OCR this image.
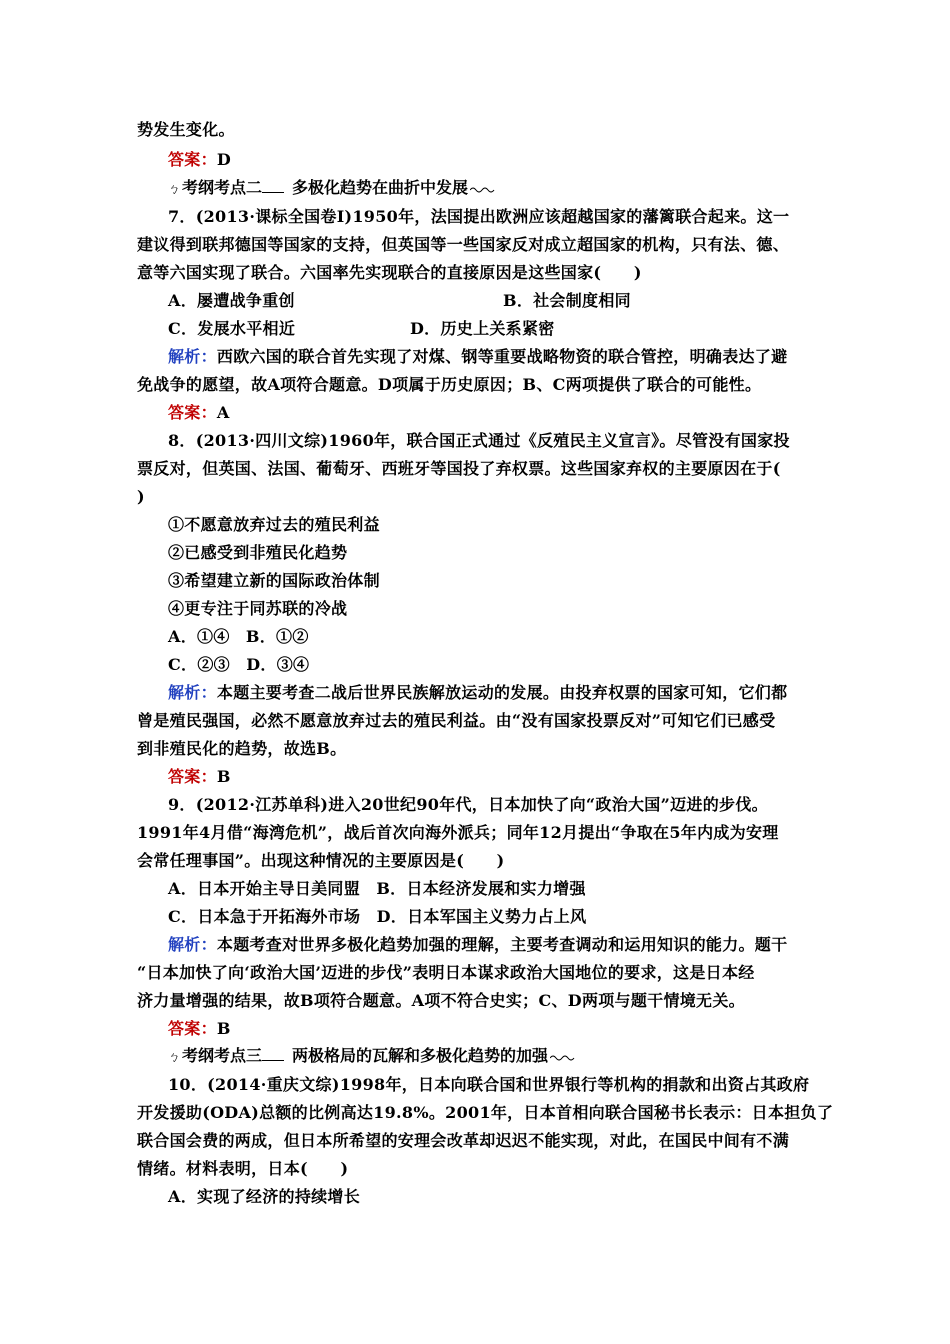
势发生变化。
答案：D
ㄅ 考纲考点二  多极化趋势在曲折中发展
7．(2013·课标全国卷Ⅰ)1950年，法国提出欧洲应该超越国家的藩篱联合起来。这一
建议得到联邦德国等国家的支持，但英国等一些国家反对成立超国家的机构，只有法、德、
意等六国实现了联合。六国率先实现联合的直接原因是这些国家(　　)
A．屡遭战争重创	B．社会制度相同
C．发展水平相近	D．历史上关系紧密
解析：西欧六国的联合首先实现了对煤、钢等重要战略物资的联合管控，明确表达了避
免战争的愿望，故A项符合题意。D项属于历史原因；B、C两项提供了联合的可能性。
答案：A
8．(2013·四川文综)1960年，联合国正式通过《反殖民主义宣言》。尽管没有国家投
票反对，但英国、法国、葡萄牙、西班牙等国投了弃权票。这些国家弃权的主要原因在于(
)
①不愿意放弃过去的殖民利益
②已感受到非殖民化趋势
③希望建立新的国际政治体制
④更专注于同苏联的冷战
A．①④　B．①②
C．②③　D．③④
解析：本题主要考查二战后世界民族解放运动的发展。由投弃权票的国家可知，它们都
曾是殖民强国，必然不愿意放弃过去的殖民利益。由“没有国家投票反对”可知它们已感受
到非殖民化的趋势，故选B。
答案：B
9．(2012·江苏单科)进入20世纪90年代，日本加快了向“政治大国”迈进的步伐。
1991年4月借“海湾危机”，战后首次向海外派兵；同年12月提出“争取在5年内成为安理
会常任理事国”。出现这种情况的主要原因是(　　)
A．日本开始主导日美同盟　B．日本经济发展和实力增强
C．日本急于开拓海外市场　D．日本军国主义势力占上风
解析：本题考查对世界多极化趋势加强的理解，主要考查调动和运用知识的能力。题干
“日本加快了向‘政治大国’迈进的步伐”表明日本谋求政治大国地位的要求，这是日本经
济力量增强的结果，故B项符合题意。A项不符合史实；C、D两项与题干情境无关。
答案：B
ㄅ 考纲考点三  两极格局的瓦解和多极化趋势的加强
10．(2014·重庆文综)1998年，日本向联合国和世界银行等机构的捐款和出资占其政府
开发援助(ODA)总额的比例高达19.8%。2001年，日本首相向联合国秘书长表示：日本担负了
联合国会费的两成，但日本所希望的安理会改革却迟迟不能实现，对此，在国民中间有不满
情绪。材料表明，日本(　　)
A．实现了经济的持续增长
